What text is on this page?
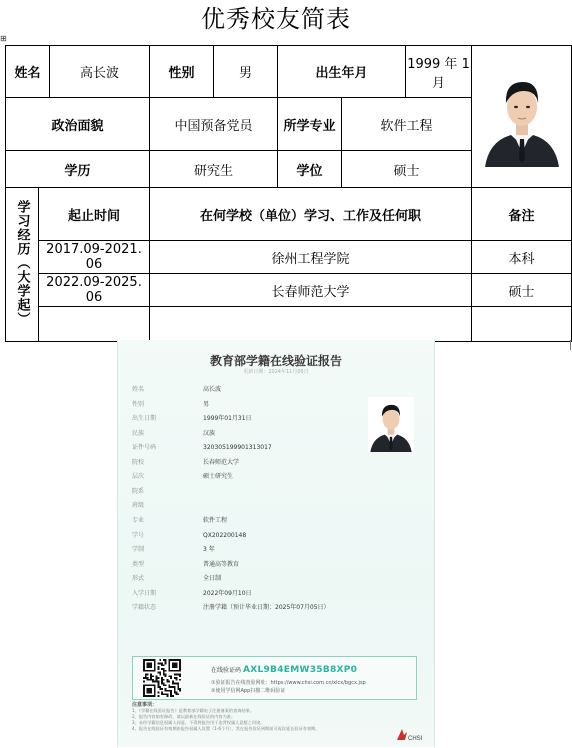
优秀校友简表
⊞
姓名		高长波	性别	男	出生年月		1999 年 1 月	

政治面貌			中国预备党员		所学专业	软件工程		
学历			研究生		学位	硕士		
学习经历（大学起）	起止时间		在何学校（单位）学习、工作及任何职					备注
	2017.09-2021. 06		徐州工程学院					本科
	2022.09-2025. 06		长春师范大学					硕士

教育部学籍在线验证报告
更新日期：2024年11月05日
姓名	高长波
性别	男
出生日期	1999年01月31日
民族	汉族
证件号码	320305199901313017
院校	长春师范大学
层次	硕士研究生
院系
班级
专业	软件工程
学号	QX202200148
学制	3 年
类型	普通高等教育
形式	全日制
入学日期	2022年09月10日
学籍状态	注册学籍（预计毕业日期：2025年07月05日）
在线验证码 AXL9B4EMW35B8XP0
①验证报告在线查验网址：https://www.chsi.com.cn/xlcx/bgcx.jsp
②使用学信网App扫描二维码验证
注意事项：
1、《学籍在线验证报告》是教育部学籍电子注册备案的查询结果。
2、报告内容如有修改，请以最新在线验证的内容为准。
3、未经学籍信息权属人同意，不得将报告用于违背权属人意愿之用途。
4、报告在线验证有效期由报告权属人设置（1-6个月），其在报告验证到期前可再次延长验证有效期。
CHSI
